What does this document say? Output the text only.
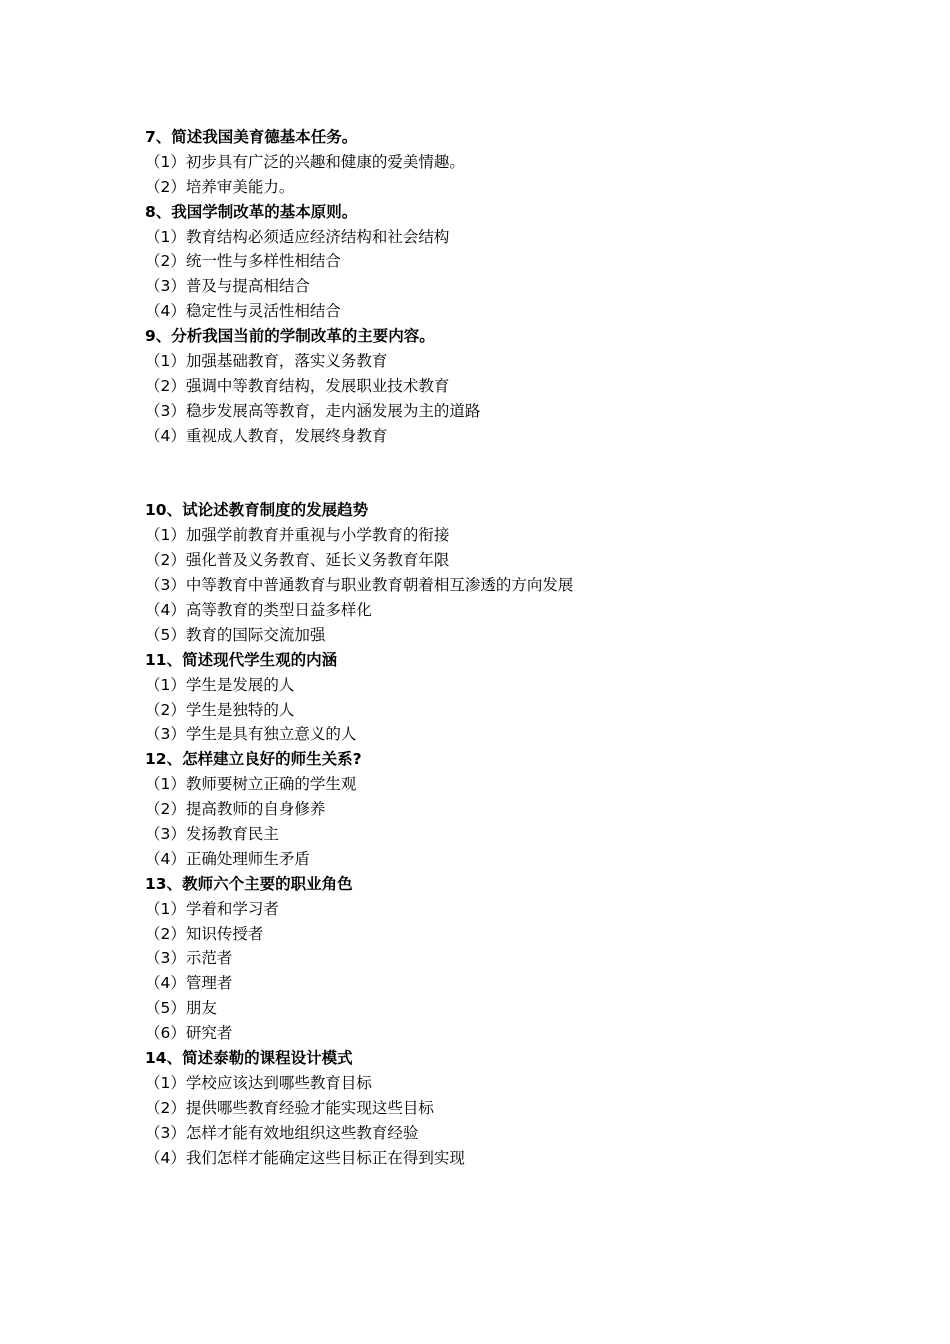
7、简述我国美育德基本任务。
（1）初步具有广泛的兴趣和健康的爱美情趣。
（2）培养审美能力。
8、我国学制改革的基本原则。
（1）教育结构必须适应经济结构和社会结构
（2）统一性与多样性相结合
（3）普及与提高相结合
（4）稳定性与灵活性相结合
9、分析我国当前的学制改革的主要内容。
（1）加强基础教育，落实义务教育
（2）强调中等教育结构，发展职业技术教育
（3）稳步发展高等教育，走内涵发展为主的道路
（4）重视成人教育，发展终身教育
10、试论述教育制度的发展趋势
（1）加强学前教育并重视与小学教育的衔接
（2）强化普及义务教育、延长义务教育年限
（3）中等教育中普通教育与职业教育朝着相互渗透的方向发展
（4）高等教育的类型日益多样化
（5）教育的国际交流加强
11、简述现代学生观的内涵
（1）学生是发展的人
（2）学生是独特的人
（3）学生是具有独立意义的人
12、怎样建立良好的师生关系?
（1）教师要树立正确的学生观
（2）提高教师的自身修养
（3）发扬教育民主
（4）正确处理师生矛盾
13、教师六个主要的职业角色
（1）学着和学习者
（2）知识传授者
（3）示范者
（4）管理者
（5）朋友
（6）研究者
14、简述泰勒的课程设计模式
（1）学校应该达到哪些教育目标
（2）提供哪些教育经验才能实现这些目标
（3）怎样才能有效地组织这些教育经验
（4）我们怎样才能确定这些目标正在得到实现
